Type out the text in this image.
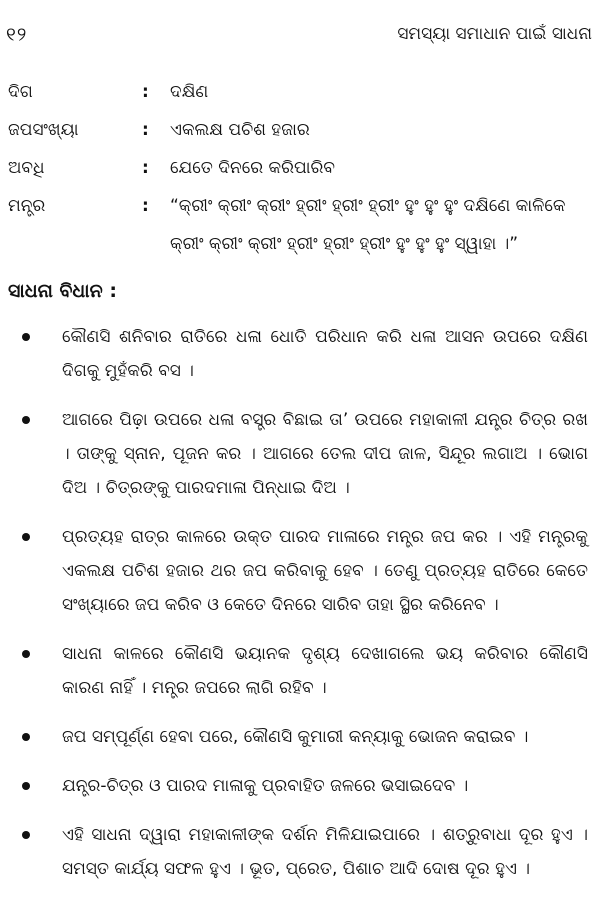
୧୨	ସମସ୍ୟା ସମାଧାନ ପାଇଁ ସାଧନା
ଦିଗ	: ଦକ୍ଷିଣ
ଜପସଂଖ୍ୟା	: ଏକଲକ୍ଷ ପଚିଶ ହଜାର
ଅବଧି	: ଯେତେ ଦିନରେ କରିପାରିବ
ମନ୍ତ୍ର	: “କ୍ରୀଂ କ୍ରୀଂ କ୍ରୀଂ ହ୍ରୀଂ ହ୍ରୀଂ ହ୍ରୀଂ ହୁଂ ହୁଂ ହୁଂ ଦକ୍ଷିଣେ କାଳିକେ କ୍ରୀଂ କ୍ରୀଂ କ୍ରୀଂ ହ୍ରୀଂ ହ୍ରୀଂ ହ୍ରୀଂ ହୁଂ ହୁଂ ହୁଂ ସ୍ୱାହା ।”
ସାଧନା ବିଧାନ :
କୌଣସି ଶନିବାର ରାତିରେ ଧଳା ଧୋତି ପରିଧାନ କରି ଧଳା ଆସନ ଉପରେ ଦକ୍ଷିଣ ଦିଗକୁ ମୁହଁକରି ବସ ।
ଆଗରେ ପିଢ଼ା ଉପରେ ଧଳା ବସ୍ତ୍ର ବିଛାଇ ତା’ ଉପରେ ମହାକାଳୀ ଯନ୍ତ୍ର ଚିତ୍ର ରଖ । ତାଙ୍କୁ ସ୍ନାନ, ପୂଜନ କର । ଆଗରେ ତେଲ ଦୀପ ଜାଳ, ସିନ୍ଦୂର ଲଗାଅ । ଭୋଗ ଦିଅ । ଚିତ୍ରଙ୍କୁ ପାରଦମାଳା ପିନ୍ଧାଇ ଦିଅ ।
ପ୍ରତ୍ୟହ ରାତ୍ର କାଳରେ ଉକ୍ତ ପାରଦ ମାଳାରେ ମନ୍ତ୍ର ଜପ କର । ଏହି ମନ୍ତ୍ରକୁ ଏକଲକ୍ଷ ପଚିଶ ହଜାର ଥର ଜପ କରିବାକୁ ହେବ । ତେଣୁ ପ୍ରତ୍ୟହ ରାତିରେ କେତେ ସଂଖ୍ୟାରେ ଜପ କରିବ ଓ କେତେ ଦିନରେ ସାରିବ ତାହା ସ୍ଥିର କରିନେବ ।
ସାଧନା କାଳରେ କୌଣସି ଭୟାନକ ଦୃଶ୍ୟ ଦେଖାଗଲେ ଭୟ କରିବାର କୌଣସି କାରଣ ନାହିଁ । ମନ୍ତ୍ର ଜପରେ ଲାଗି ରହିବ ।
ଜପ ସମ୍ପୂର୍ଣ୍ଣ ହେବା ପରେ, କୌଣସି କୁମାରୀ କନ୍ୟାକୁ ଭୋଜନ କରାଇବ ।
ଯନ୍ତ୍ର-ଚିତ୍ର ଓ ପାରଦ ମାଳାକୁ ପ୍ରବାହିତ ଜଳରେ ଭସାଇଦେବ ।
ଏହି ସାଧନା ଦ୍ୱାରା ମହାକାଳୀଙ୍କ ଦର୍ଶନ ମିଳିଯାଇପାରେ । ଶତ୍ରୁବାଧା ଦୂର ହୁଏ । ସମସ୍ତ କାର୍ଯ୍ୟ ସଫଳ ହୁଏ । ଭୂତ, ପ୍ରେତ, ପିଶାଚ ଆଦି ଦୋଷ ଦୂର ହୁଏ ।
